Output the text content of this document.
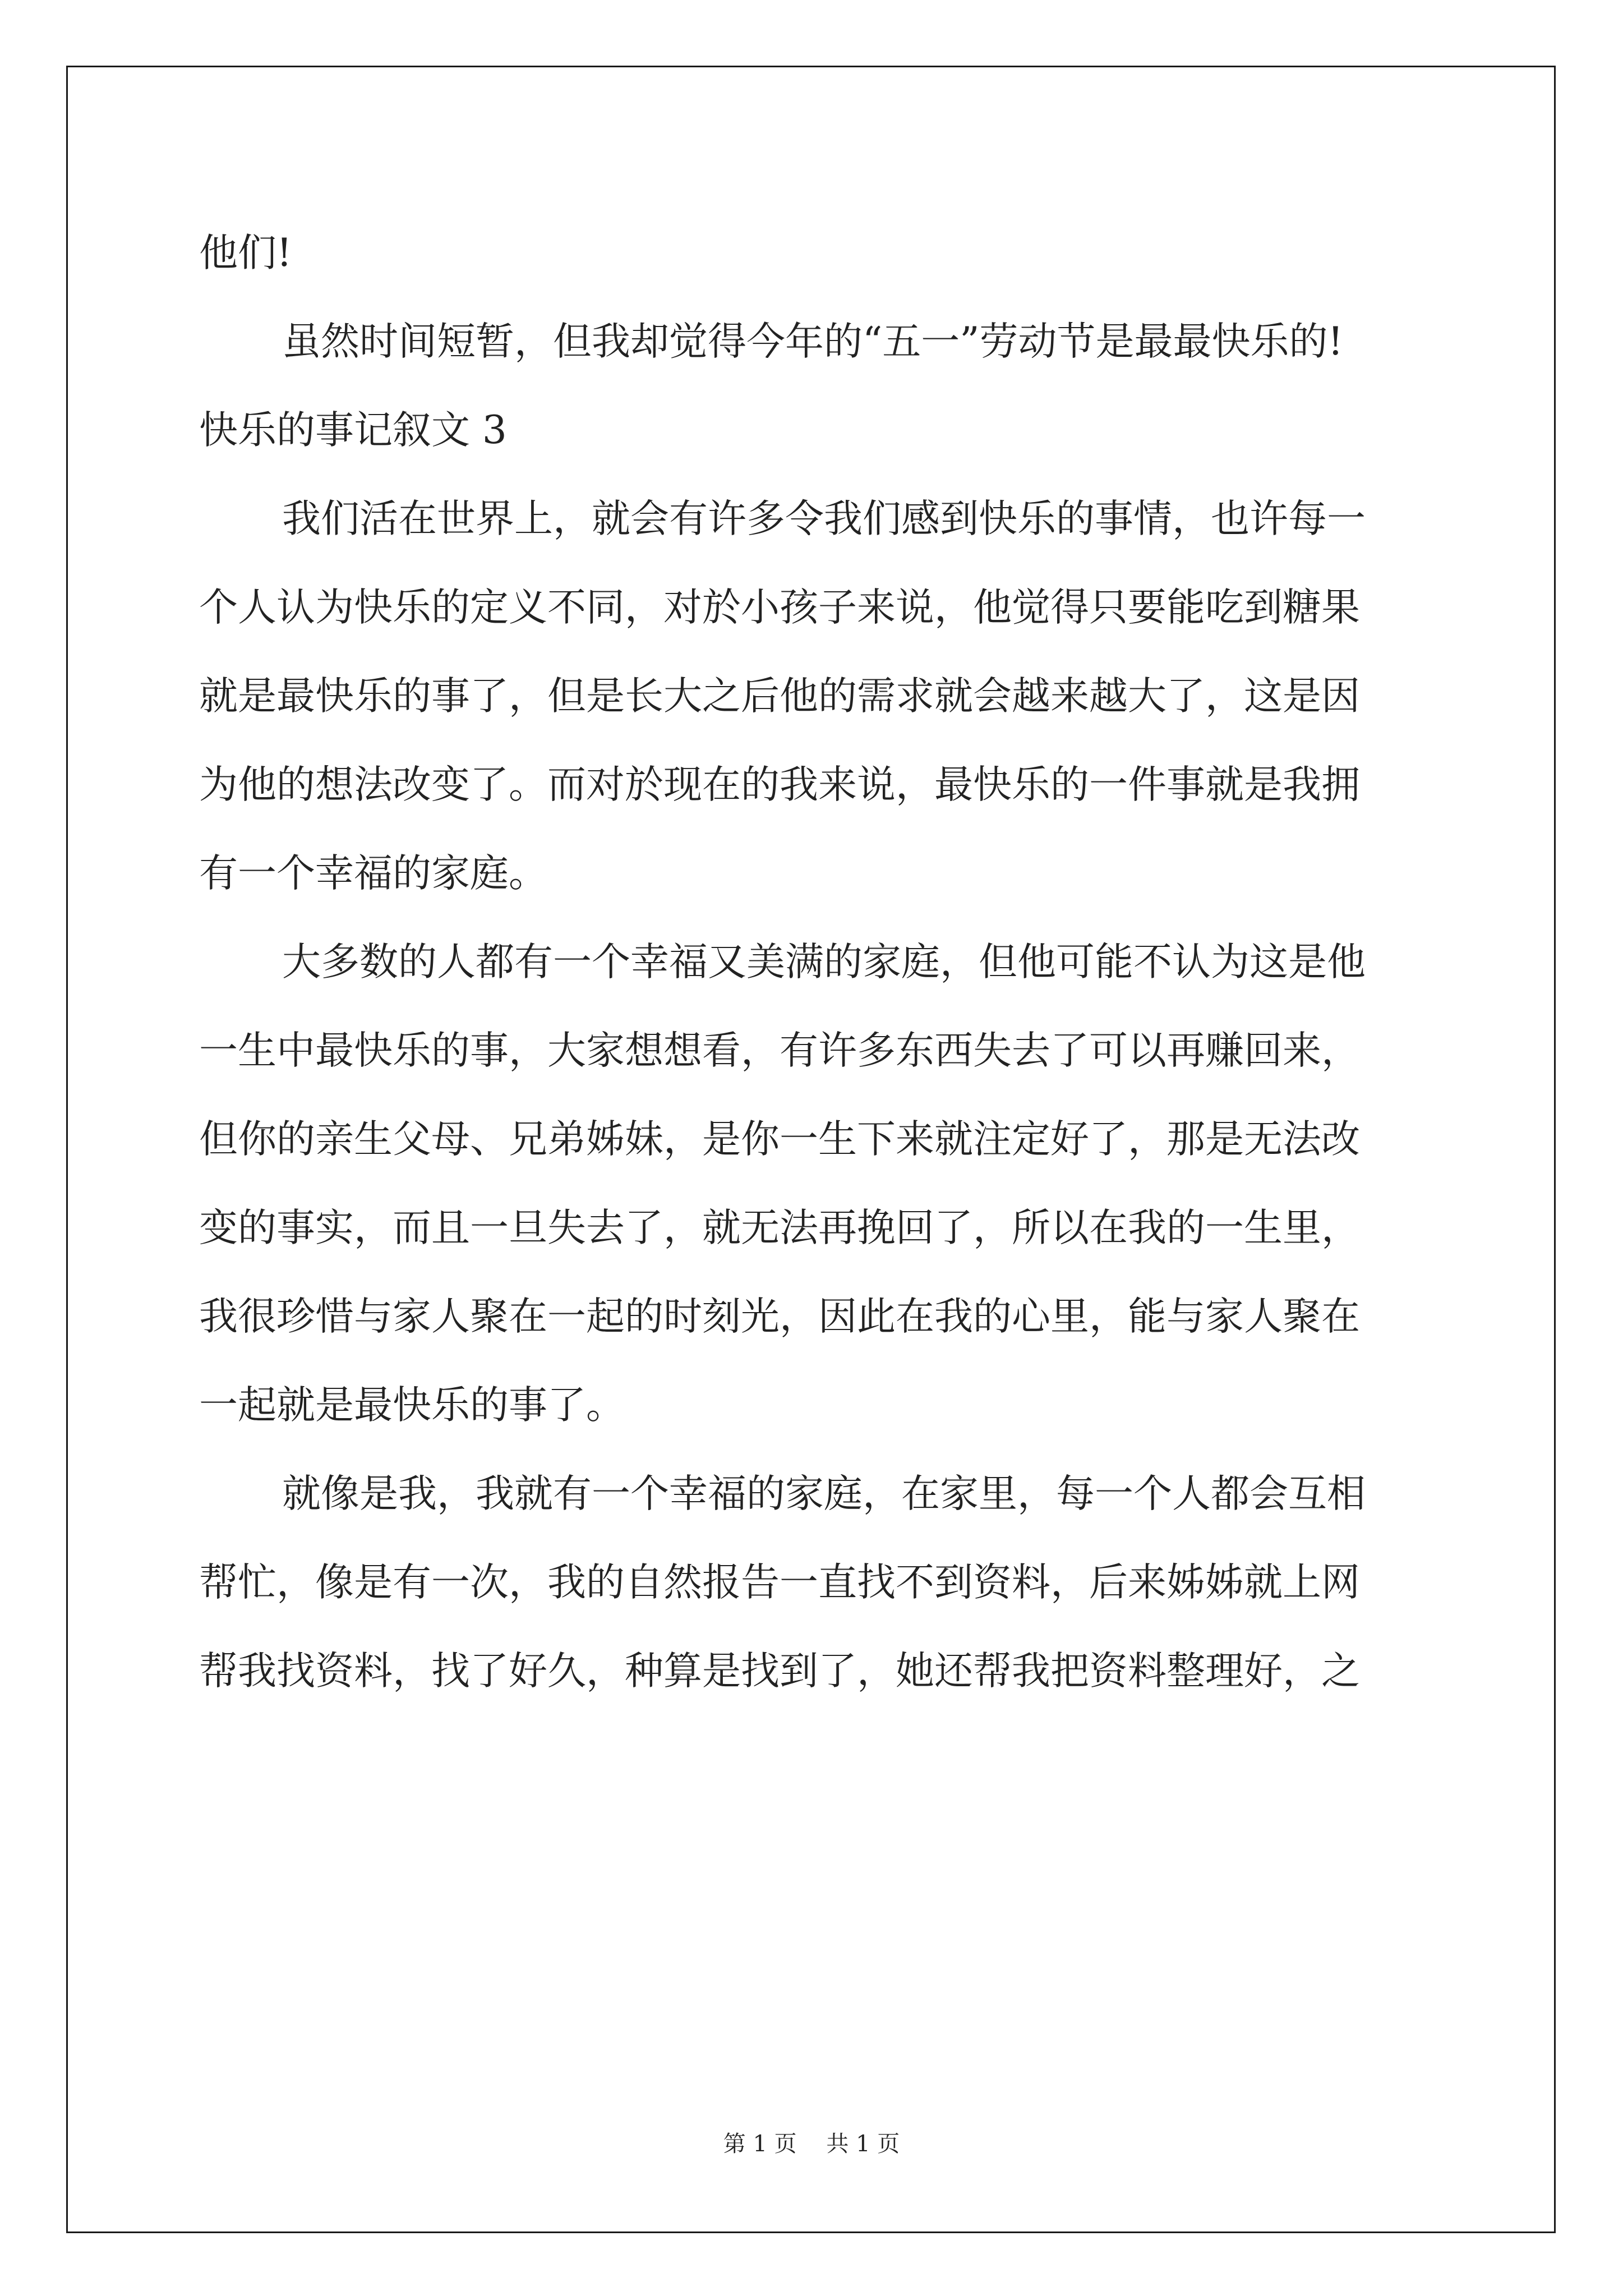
他们!
虽然时间短暂，但我却觉得今年的“五一”劳动节是最最快乐的!
快乐的事记叙文 3
我们活在世界上，就会有许多令我们感到快乐的事情，也许每一
个人认为快乐的定义不同，对於小孩子来说，他觉得只要能吃到糖果
就是最快乐的事了，但是长大之后他的需求就会越来越大了，这是因
为他的想法改变了。而对於现在的我来说，最快乐的一件事就是我拥
有一个幸福的家庭。
大多数的人都有一个幸福又美满的家庭，但他可能不认为这是他
一生中最快乐的事，大家想想看，有许多东西失去了可以再赚回来，
但你的亲生父母、兄弟姊妹，是你一生下来就注定好了，那是无法改
变的事实，而且一旦失去了，就无法再挽回了，所以在我的一生里，
我很珍惜与家人聚在一起的时刻光，因此在我的心里，能与家人聚在
一起就是最快乐的事了。
就像是我，我就有一个幸福的家庭，在家里，每一个人都会互相
帮忙，像是有一次，我的自然报告一直找不到资料，后来姊姊就上网
帮我找资料，找了好久，种算是找到了，她还帮我把资料整理好，之
第 1 页 共 1 页
